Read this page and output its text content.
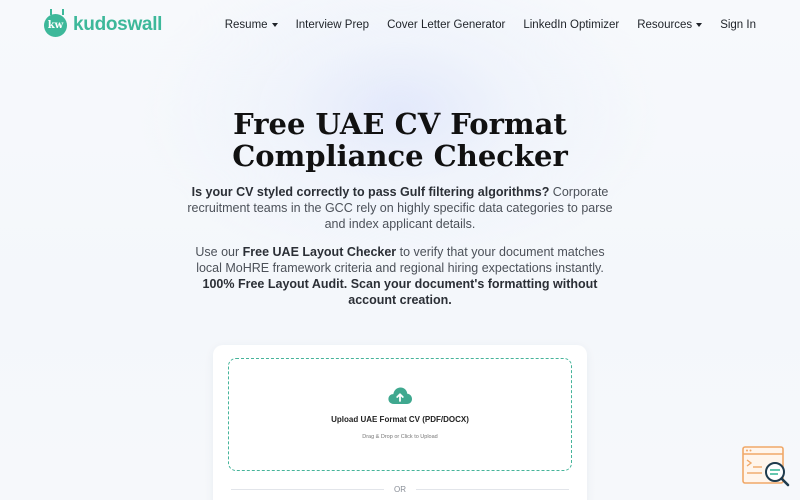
kw kudoswall	Resume Interview Prep Cover Letter Generator LinkedIn Optimizer Resources Sign In
Free UAE CV Format
Compliance Checker

Is your CV styled correctly to pass Gulf filtering algorithms? Corporate recruitment teams in the GCC rely on highly specific data categories to parse and index applicant details.

Use our Free UAE Layout Checker to verify that your document matches local MoHRE framework criteria and regional hiring expectations instantly.
100% Free Layout Audit. Scan your document's formatting without account creation.

Upload UAE Format CV (PDF/DOCX)
Drag & Drop or Click to Upload
OR
